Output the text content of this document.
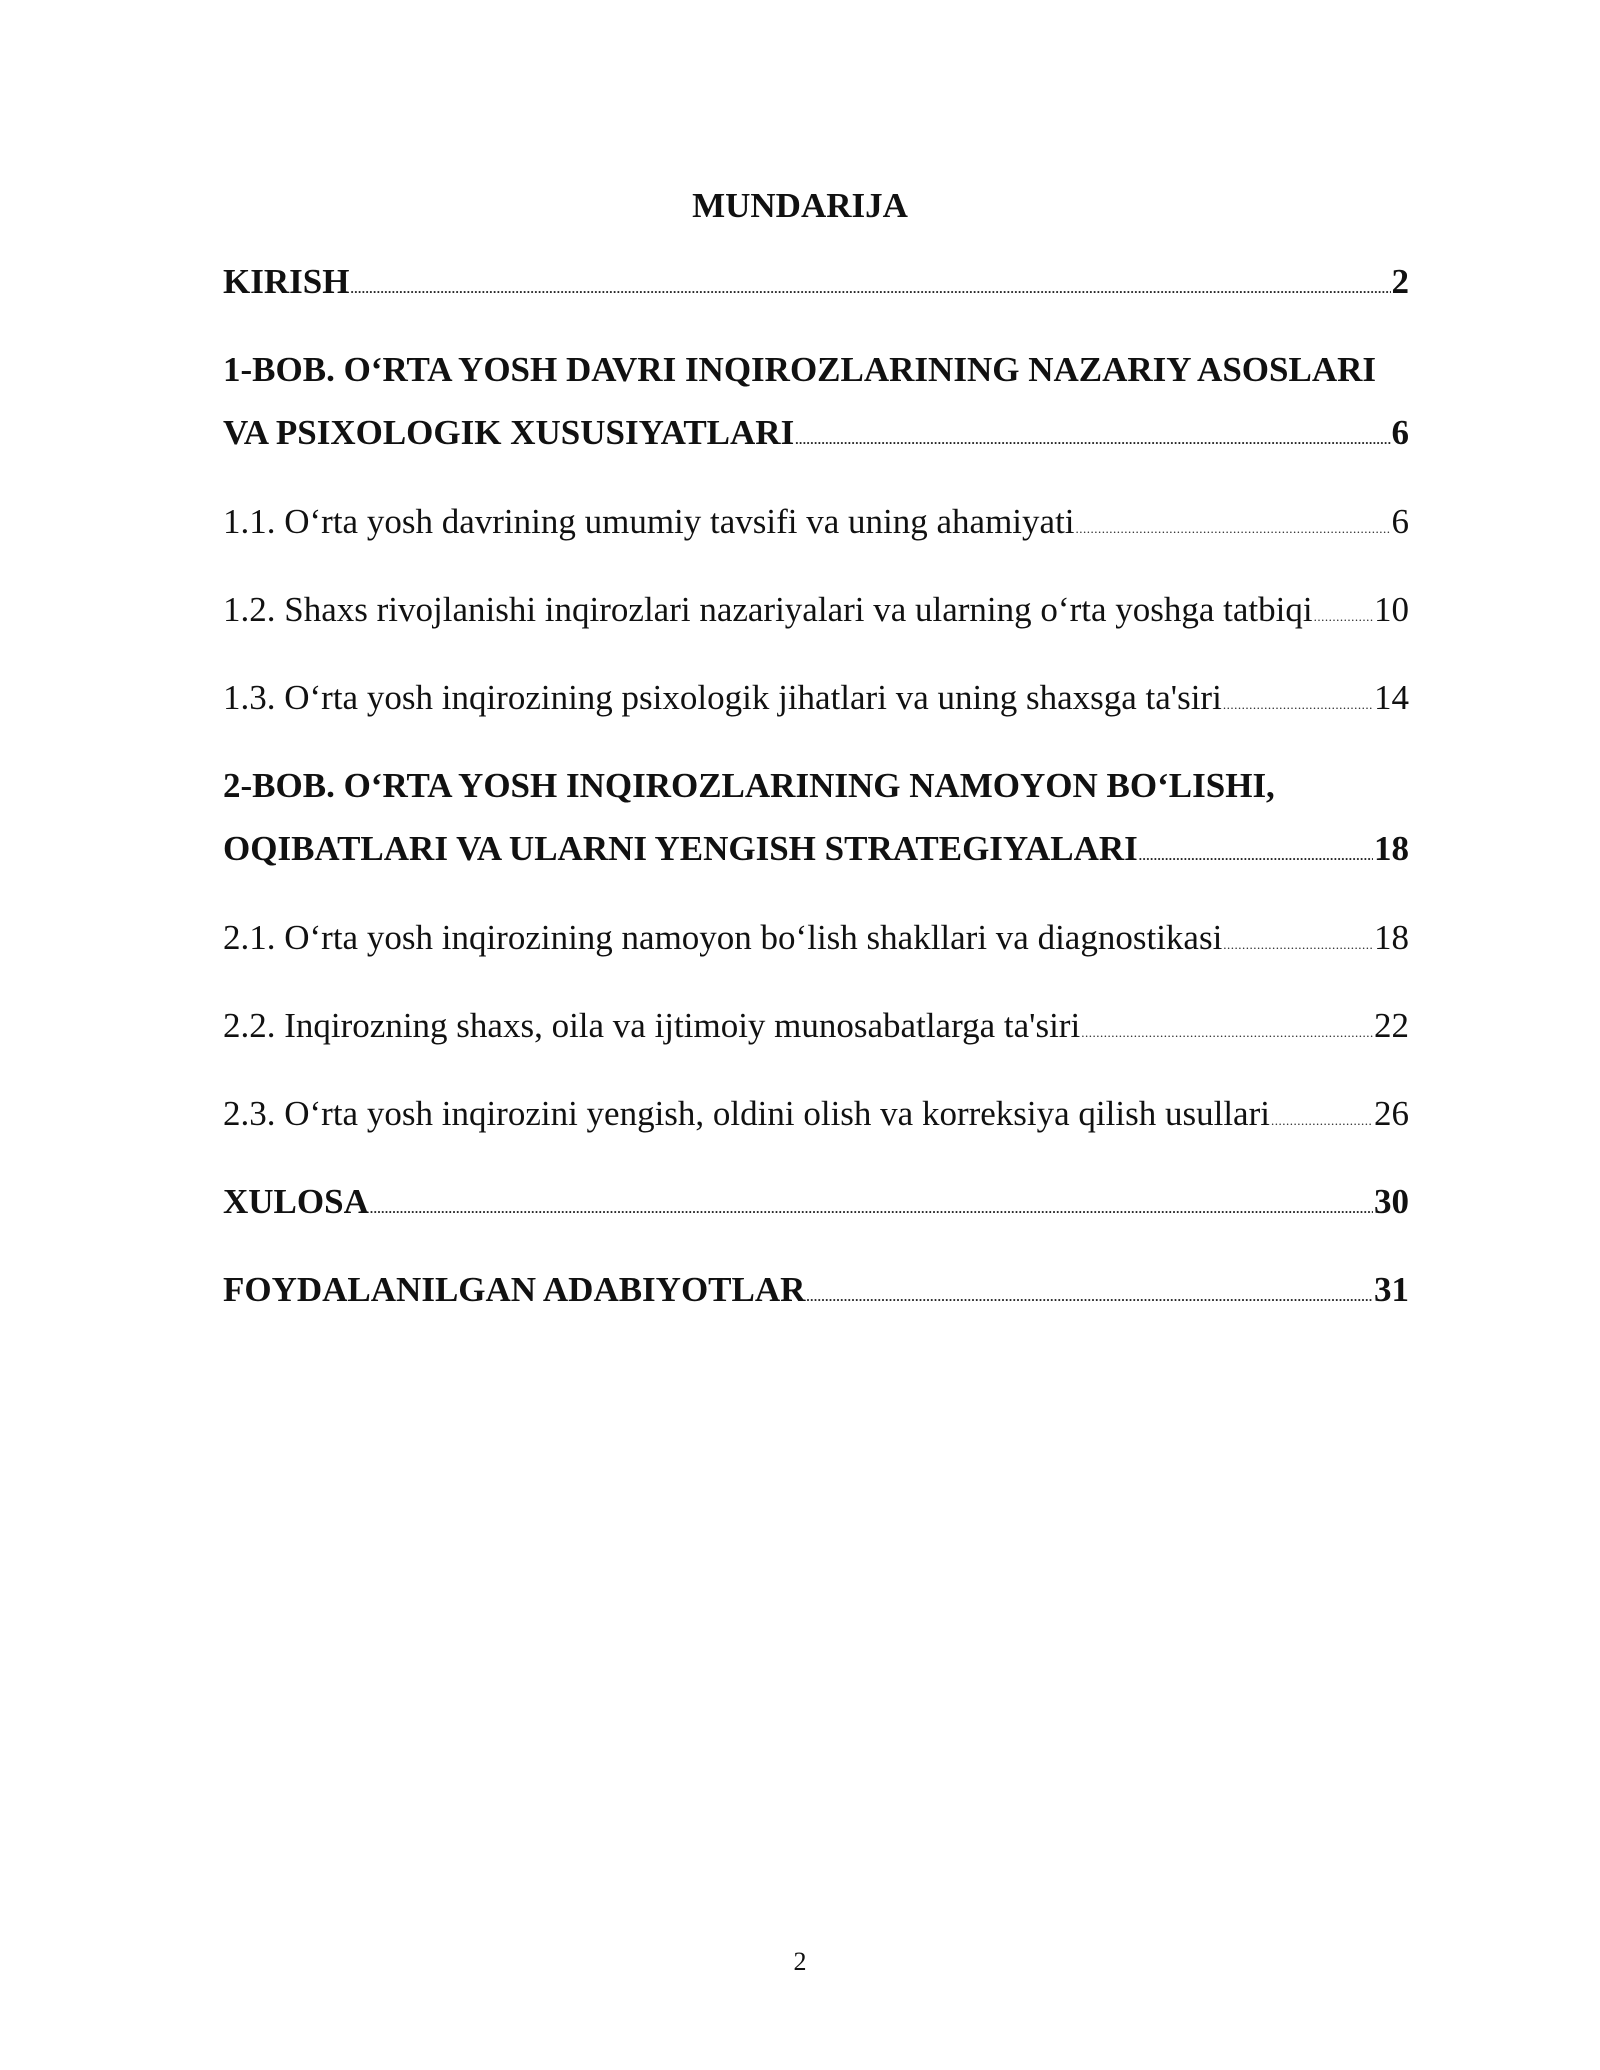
MUNDARIJA
KIRISH .....	2
1-BOB. O‘RTA YOSH DAVRI INQIROZLARINING NAZARIY ASOSLARI
VA PSIXOLOGIK XUSUSIYATLARI .....	6
1.1. O‘rta yosh davrining umumiy tavsifi va uning ahamiyati .....	6
1.2. Shaxs rivojlanishi inqirozlari nazariyalari va ularning o‘rta yoshga tatbiqi ..... 10
1.3. O‘rta yosh inqirozining psixologik jihatlari va uning shaxsga ta'siri .....	14
2-BOB. O‘RTA YOSH INQIROZLARINING NAMOYON BO‘LISHI,
OQIBATLARI VA ULARNI YENGISH STRATEGIYALARI .....	18
2.1. O‘rta yosh inqirozining namoyon bo‘lish shakllari va diagnostikasi .....	18
2.2. Inqirozning shaxs, oila va ijtimoiy munosabatlarga ta'siri .....	22
2.3. O‘rta yosh inqirozini yengish, oldini olish va korreksiya qilish usullari .....	26
XULOSA .....	30
FOYDALANILGAN ADABIYOTLAR .....	31
2
